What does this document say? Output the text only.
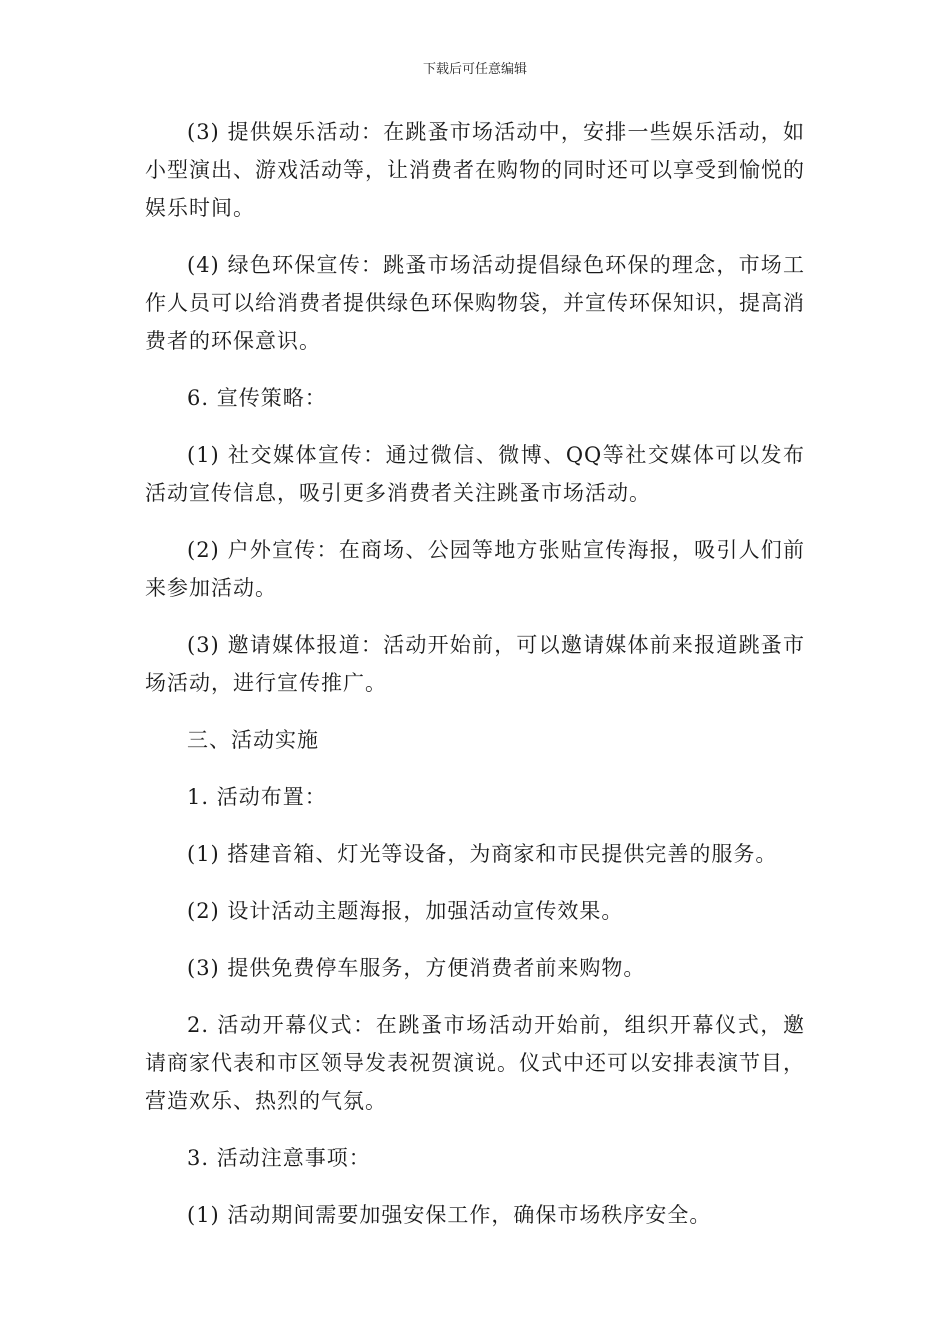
下载后可任意编辑

(3) 提供娱乐活动：在跳蚤市场活动中，安排一些娱乐活动，如小型演出、游戏活动等，让消费者在购物的同时还可以享受到愉悦的娱乐时间。

(4) 绿色环保宣传：跳蚤市场活动提倡绿色环保的理念，市场工作人员可以给消费者提供绿色环保购物袋，并宣传环保知识，提高消费者的环保意识。

6. 宣传策略：

(1) 社交媒体宣传：通过微信、微博、QQ等社交媒体可以发布活动宣传信息，吸引更多消费者关注跳蚤市场活动。

(2) 户外宣传：在商场、公园等地方张贴宣传海报，吸引人们前来参加活动。

(3) 邀请媒体报道：活动开始前，可以邀请媒体前来报道跳蚤市场活动，进行宣传推广。

三、活动实施

1. 活动布置：

(1) 搭建音箱、灯光等设备，为商家和市民提供完善的服务。

(2) 设计活动主题海报，加强活动宣传效果。

(3) 提供免费停车服务，方便消费者前来购物。

2. 活动开幕仪式：在跳蚤市场活动开始前，组织开幕仪式，邀请商家代表和市区领导发表祝贺演说。仪式中还可以安排表演节目，营造欢乐、热烈的气氛。

3. 活动注意事项：

(1) 活动期间需要加强安保工作，确保市场秩序安全。
